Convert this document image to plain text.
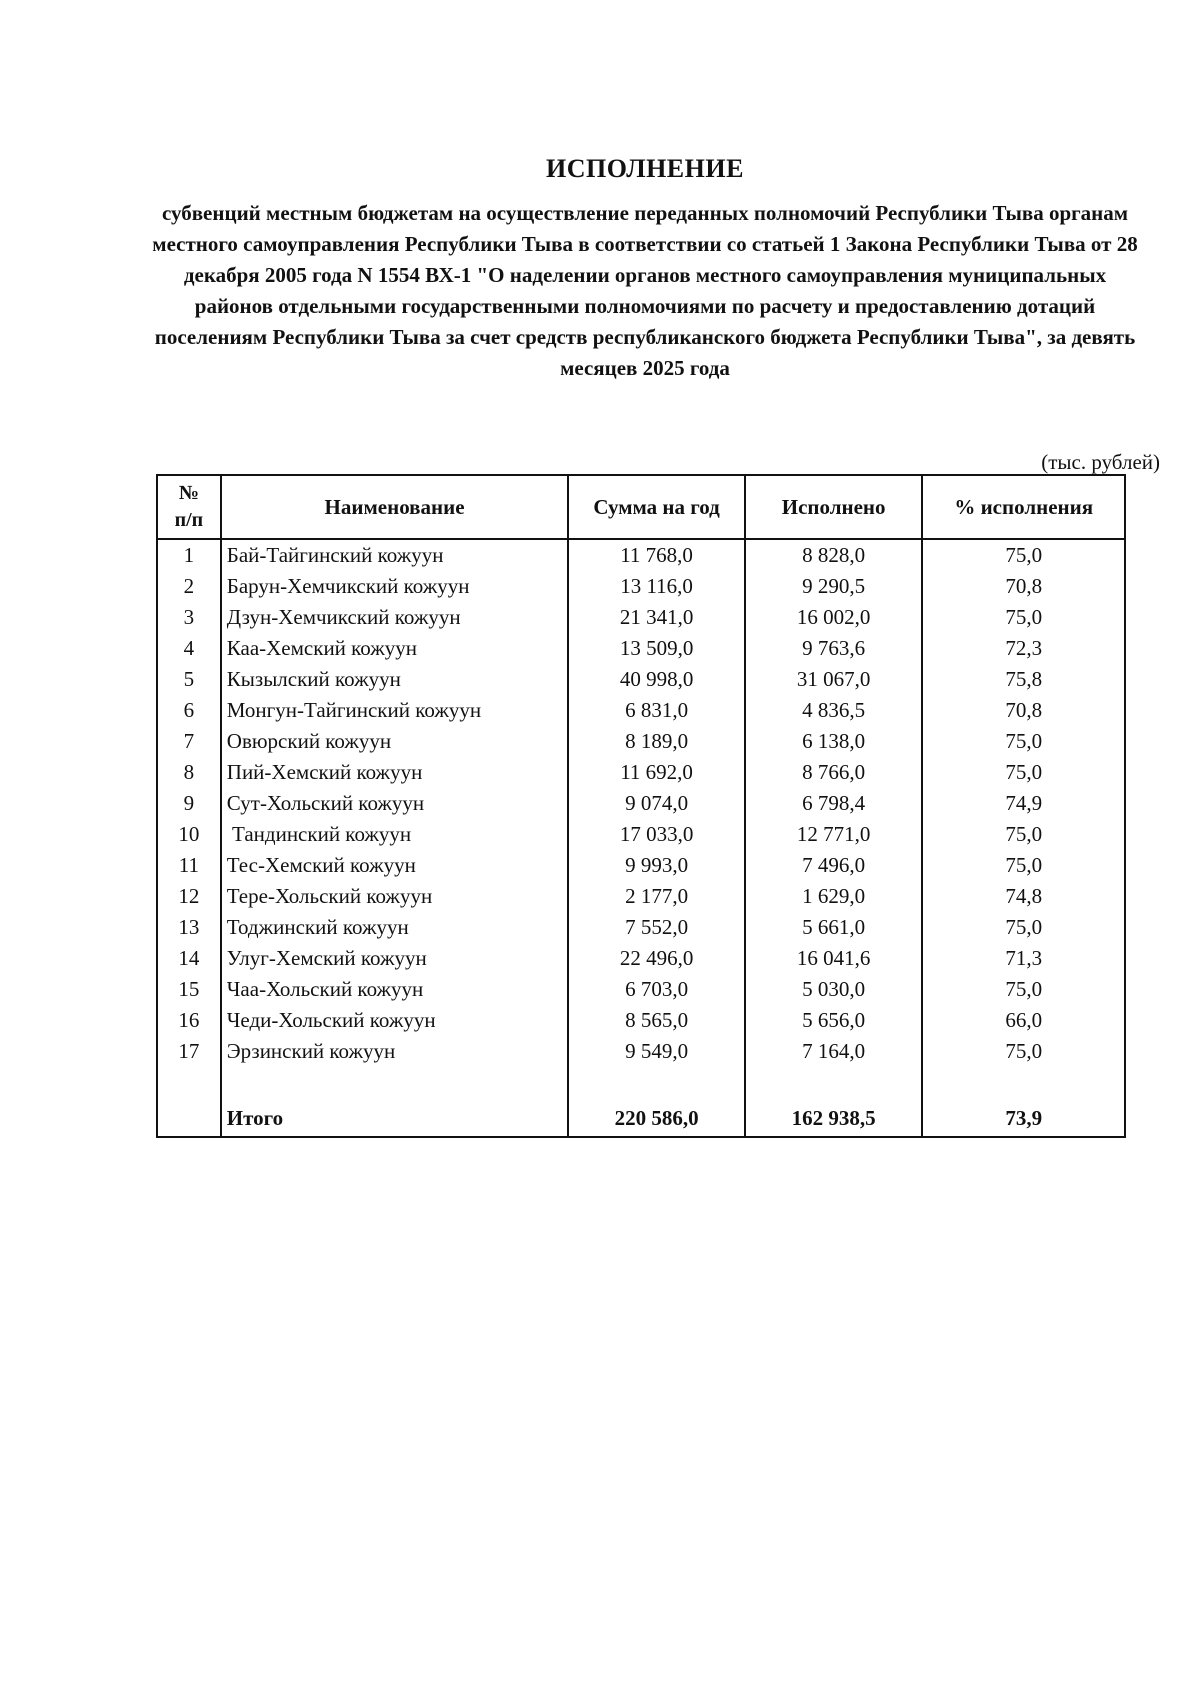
ИСПОЛНЕНИЕ
субвенций местным бюджетам на осуществление переданных полномочий Республики Тыва органам местного самоуправления Республики Тыва в соответствии со статьей 1 Закона Республики Тыва от 28 декабря 2005 года N 1554 ВХ-1 "О наделении органов местного самоуправления муниципальных районов отдельными государственными полномочиями по расчету и предоставлению дотаций поселениям Республики Тыва за счет средств республиканского бюджета Республики Тыва", за девять месяцев 2025 года
(тыс. рублей)
№
п/п	Наименование	Сумма на год	Исполнено	% исполнения
1	Бай-Тайгинский кожуун	11 768,0	8 828,0	75,0
2	Барун-Хемчикский кожуун	13 116,0	9 290,5	70,8
3	Дзун-Хемчикский кожуун	21 341,0	16 002,0	75,0
4	Каа-Хемский кожуун	13 509,0	9 763,6	72,3
5	Кызылский кожуун	40 998,0	31 067,0	75,8
6	Монгун-Тайгинский кожуун	6 831,0	4 836,5	70,8
7	Овюрский кожуун	8 189,0	6 138,0	75,0
8	Пий-Хемский кожуун	11 692,0	8 766,0	75,0
9	Сут-Хольский кожуун	9 074,0	6 798,4	74,9
10	Тандинский кожуун	17 033,0	12 771,0	75,0
11	Тес-Хемский кожуун	9 993,0	7 496,0	75,0
12	Тере-Хольский кожуун	2 177,0	1 629,0	74,8
13	Тоджинский кожуун	7 552,0	5 661,0	75,0
14	Улуг-Хемский кожуун	22 496,0	16 041,6	71,3
15	Чаа-Хольский кожуун	6 703,0	5 030,0	75,0
16	Чеди-Хольский кожуун	8 565,0	5 656,0	66,0
17	Эрзинский кожуун	9 549,0	7 164,0	75,0

	Итого	220 586,0	162 938,5	73,9
